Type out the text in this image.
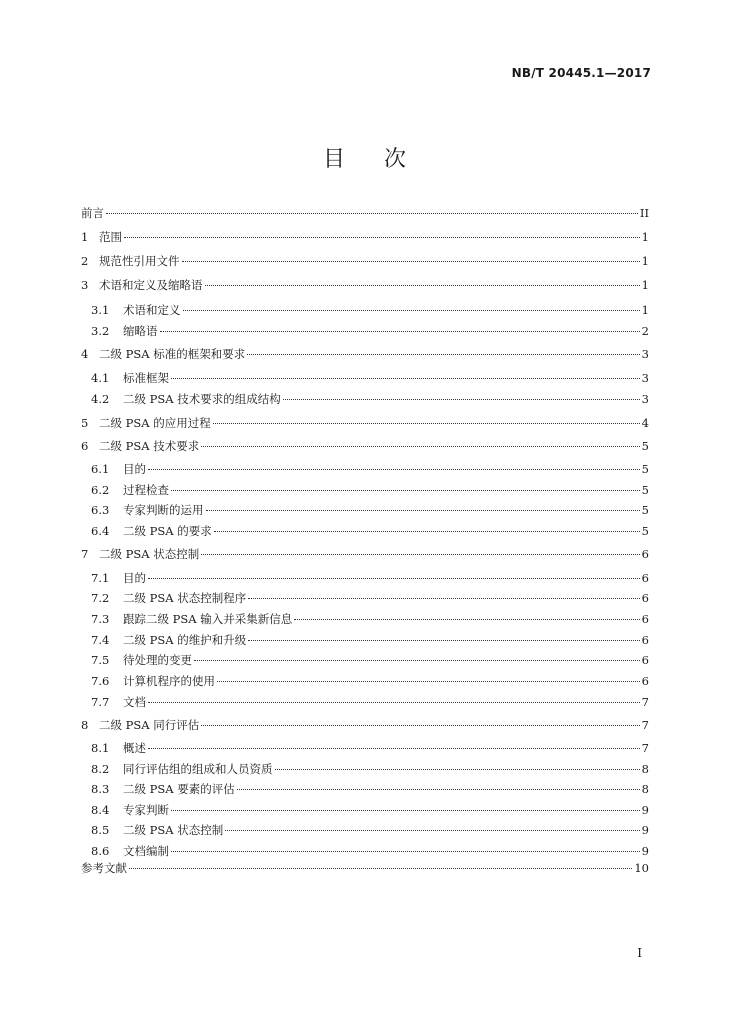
NB/T 20445.1—2017
目 次
前言	II
1 范围	1
2 规范性引用文件	1
3 术语和定义及缩略语	1
3.1	术语和定义	1
3.2	缩略语	2
4 二级 PSA 标准的框架和要求	3
4.1	标准框架	3
4.2	二级 PSA 技术要求的组成结构	3
5 二级 PSA 的应用过程	4
6 二级 PSA 技术要求	5
6.1	目的	5
6.2	过程检查	5
6.3	专家判断的运用	5
6.4	二级 PSA 的要求	5
7 二级 PSA 状态控制	6
7.1	目的	6
7.2	二级 PSA 状态控制程序	6
7.3	跟踪二级 PSA 输入并采集新信息	6
7.4	二级 PSA 的维护和升级	6
7.5	待处理的变更	6
7.6	计算机程序的使用	6
7.7	文档	7
8 二级 PSA 同行评估	7
8.1	概述	7
8.2	同行评估组的组成和人员资质	8
8.3	二级 PSA 要素的评估	8
8.4	专家判断	9
8.5	二级 PSA 状态控制	9
8.6	文档编制	9
参考文献	10
I
